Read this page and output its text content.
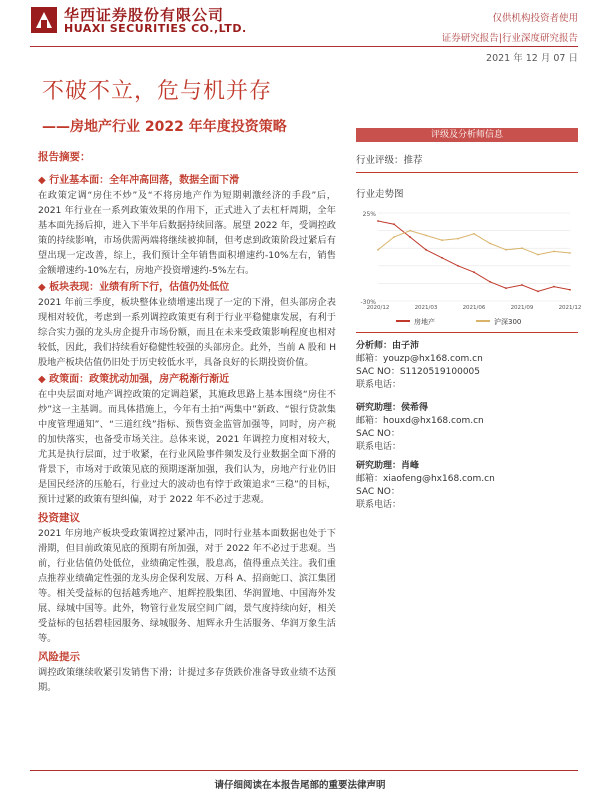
华西证券股份有限公司
HUAXI SECURITIES CO.,LTD.
仅供机构投资者使用
证券研究报告|行业深度研究报告
2021 年 12 月 07 日
不破不立，危与机并存
——房地产行业 2022 年年度投资策略
报告摘要：
◆ 行业基本面：全年冲高回落，数据全面下滑
在政策定调“房住不炒”及“不将房地产作为短期刺激经济的手段”后，2021 年行业在一系列政策效果的作用下，正式进入了去杠杆周期，全年基本面先扬后抑，进入下半年后数据持续回落。展望 2022 年，受调控政策的持续影响，市场供需两端将继续被抑制，但考虑到政策阶段过紧后有望出现一定改善，综上，我们预计全年销售面积增速约-10%左右，销售金额增速约-10%左右，房地产投资增速约-5%左右。
◆ 板块表现：业绩有所下行，估值仍处低位
2021 年前三季度，板块整体业绩增速出现了一定的下滑，但头部房企表现相对较优，考虑到一系列调控政策更有利于行业平稳健康发展，有利于综合实力强的龙头房企提升市场份额，而且在未来受政策影响程度也相对较低，因此，我们持续看好稳健性较强的头部房企。此外，当前 A 股和 H 股地产板块估值仍旧处于历史较低水平，具备良好的长期投资价值。
◆ 政策面：政策扰动加强，房产税渐行渐近
在中央层面对地产调控政策的定调趋紧，其施政思路上基本围绕“房住不炒”这一主基调。而具体措施上，今年有土拍“两集中”新政、“银行贷款集中度管理通知”、“三道红线”指标、预售资金监管加强等，同时，房产税的加快落实，也备受市场关注。总体来说，2021 年调控力度相对较大，尤其是执行层面，过于收紧，在行业风险事件频发及行业数据全面下滑的背景下，市场对于政策见底的预期逐渐加强，我们认为，房地产行业仍旧是国民经济的压舱石，行业过大的波动也有悖于政策追求“三稳”的目标，预计过紧的政策有望纠偏，对于 2022 年不必过于悲观。
投资建议
2021 年房地产板块受政策调控过紧冲击，同时行业基本面数据也处于下滑期，但目前政策见底的预期有所加强，对于 2022 年不必过于悲观。当前，行业估值仍处低位，业绩确定性强，股息高，值得重点关注。我们重点推荐业绩确定性强的龙头房企保利发展、万科 A、招商蛇口、滨江集团等。相关受益标的包括越秀地产、旭辉控股集团、华润置地、中国海外发展、绿城中国等。此外，物管行业发展空间广阔，景气度持续向好，相关受益标的包括碧桂园服务、绿城服务、旭辉永升生活服务、华润万象生活等。
风险提示
调控政策继续收紧引发销售下滑；计提过多存货跌价准备导致业绩不达预期。
评级及分析师信息
行业评级：推荐
行业走势图
25%
-30%
2020/12	2021/03	2021/06	2021/09	2021/12
房地产	沪深300
分析师：由子沛
邮箱：youzp@hx168.com.cn
SAC NO：S1120519100005
联系电话：
研究助理：侯希得
邮箱：houxd@hx168.com.cn
SAC NO：
联系电话：
研究助理：肖峰
邮箱：xiaofeng@hx168.com.cn
SAC NO：
联系电话：
请仔细阅读在本报告尾部的重要法律声明
